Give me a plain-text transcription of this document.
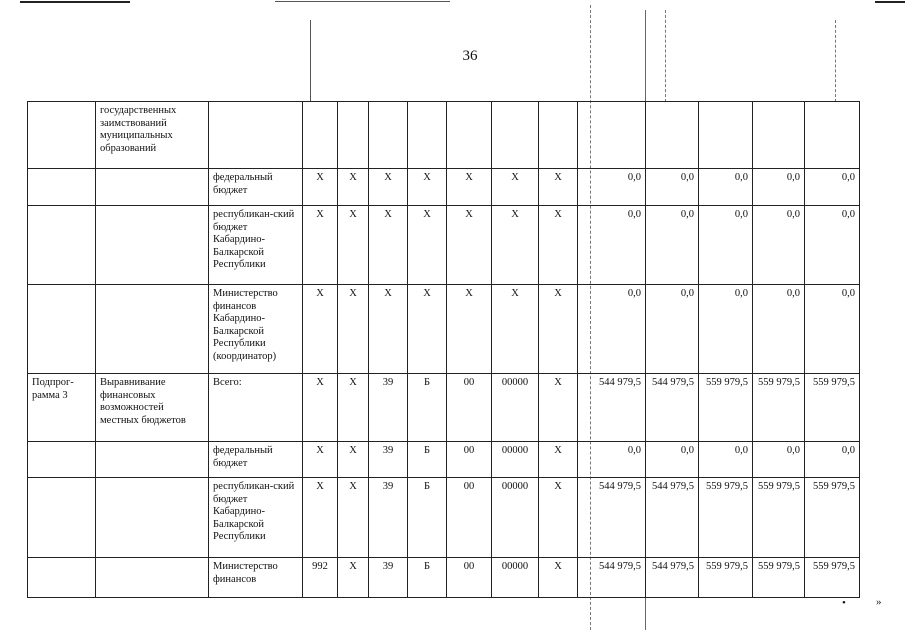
36
	государственных заимствований муниципальных образований													
		федеральный бюджет	Х	Х	Х	Х	Х	Х	Х	0,0	0,0	0,0	0,0	0,0
		республикан-ский бюджет Кабардино-Балкарской Республики	Х	Х	Х	Х	Х	Х	Х	0,0	0,0	0,0	0,0	0,0
		Министерство финансов Кабардино-Балкарской Республики (координатор)	Х	Х	Х	Х	Х	Х	Х	0,0	0,0	0,0	0,0	0,0
Подпрог-рамма 3	Выравнивание финансовых возможностей местных бюджетов	Всего:	Х	Х	39	Б	00	00000	Х	544 979,5	544 979,5	559 979,5	559 979,5	559 979,5
		федеральный бюджет	Х	Х	39	Б	00	00000	Х	0,0	0,0	0,0	0,0	0,0
		республикан-ский бюджет Кабардино-Балкарской Республики	Х	Х	39	Б	00	00000	Х	544 979,5	544 979,5	559 979,5	559 979,5	559 979,5
		Министерство финансов	992	Х	39	Б	00	00000	Х	544 979,5	544 979,5	559 979,5	559 979,5	559 979,5
•	»
